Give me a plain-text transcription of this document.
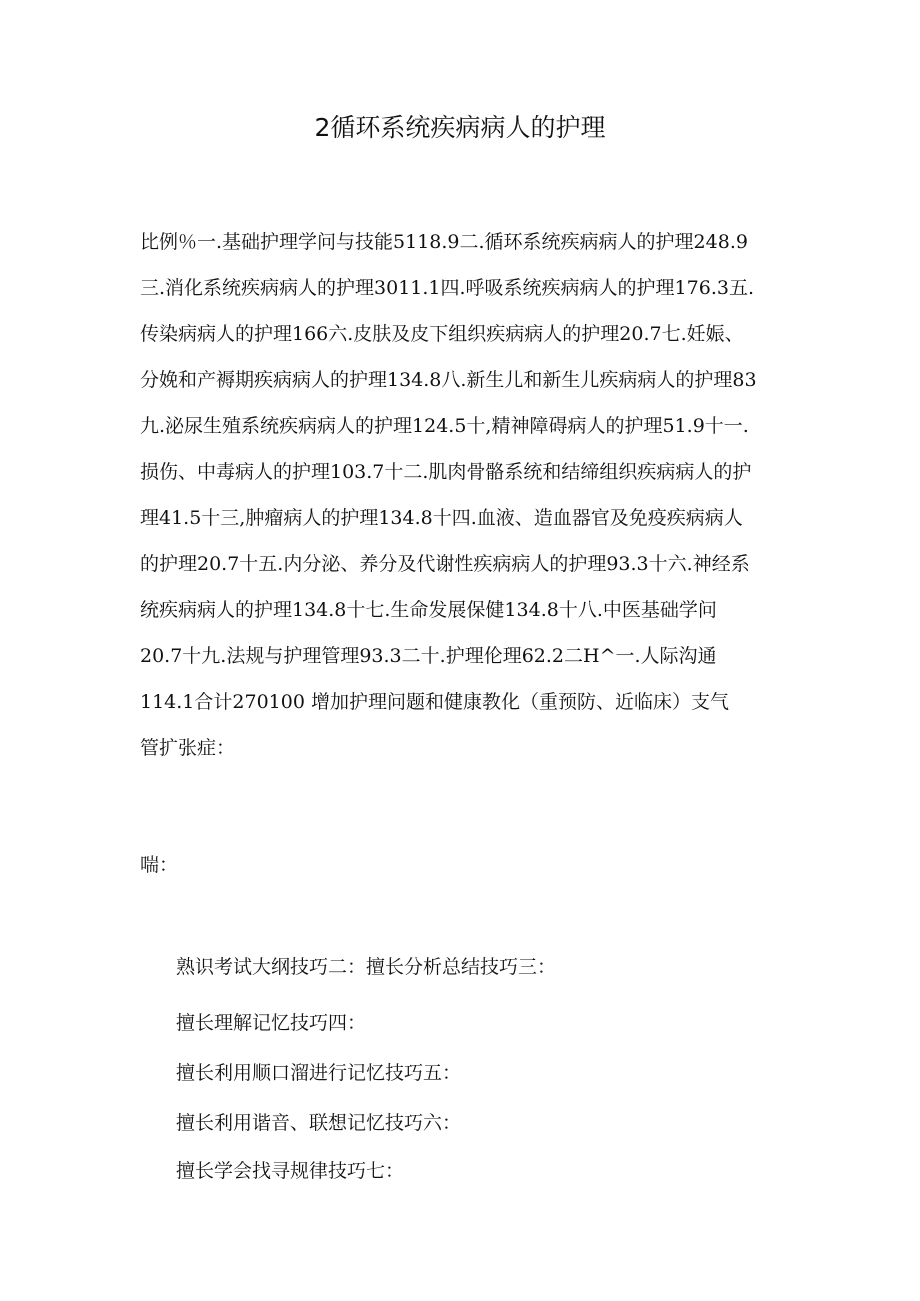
2循环系统疾病病人的护理
比例％一.基础护理学问与技能5118.9二.循环系统疾病病人的护理248.9
三.消化系统疾病病人的护理3011.1四.呼吸系统疾病病人的护理176.3五.
传染病病人的护理166六.皮肤及皮下组织疾病病人的护理20.7七.妊娠、
分娩和产褥期疾病病人的护理134.8八.新生儿和新生儿疾病病人的护理83
九.泌尿生殖系统疾病病人的护理124.5十,精神障碍病人的护理51.9十一.
损伤、中毒病人的护理103.7十二.肌肉骨骼系统和结缔组织疾病病人的护
理41.5十三,肿瘤病人的护理134.8十四.血液、造血器官及免疫疾病病人
的护理20.7十五.内分泌、养分及代谢性疾病病人的护理93.3十六.神经系
统疾病病人的护理134.8十七.生命发展保健134.8十八.中医基础学问
20.7十九.法规与护理管理93.3二十.护理伦理62.2二H^一.人际沟通
114.1合计270100 增加护理问题和健康教化（重预防、近临床）支气
管扩张症：
喘：
熟识考试大纲技巧二：擅长分析总结技巧三：
擅长理解记忆技巧四：
擅长利用顺口溜进行记忆技巧五：
擅长利用谐音、联想记忆技巧六：
擅长学会找寻规律技巧七：
